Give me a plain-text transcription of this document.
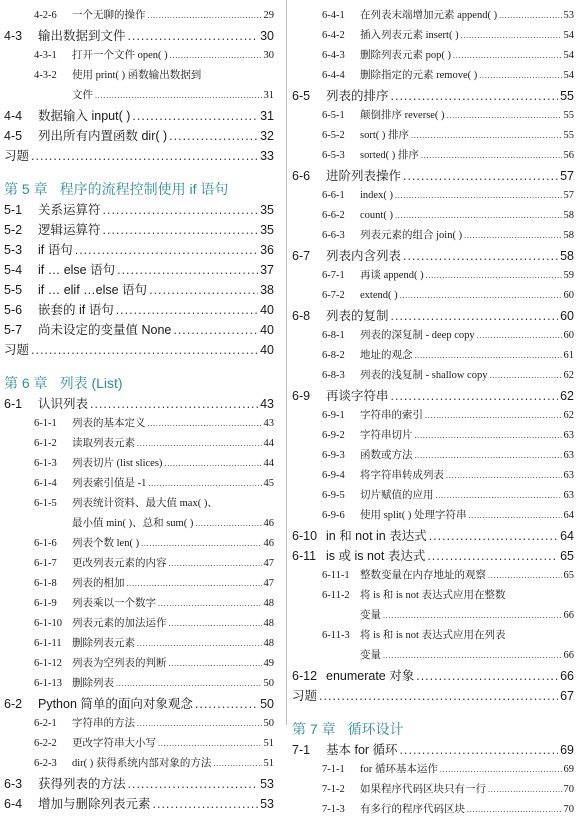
4-2-6	一个无聊的操作 .....	29
4-3	输出数据到文件 .....	30
4-3-1	打开一个文件 open( ) .....	30
4-3-2	使用 print( ) 函数输出数据到
文件 .....	31
4-4	数据输入 input( ) .....	31
4-5	列出所有内置函数 dir( ) .....	32
习题 .....	33
第 5 章 程序的流程控制使用 if 语句
5-1	关系运算符 .....	35
5-2	逻辑运算符 .....	35
5-3	if 语句 .....	36
5-4	if … else 语句 .....	37
5-5	if … elif …else 语句 .....	38
5-6	嵌套的 if 语句 .....	40
5-7	尚未设定的变量值 None .....	40
习题 .....	40
第 6 章 列表 (List)
6-1	认识列表 .....	43
6-1-1	列表的基本定义 .....	43
6-1-2	读取列表元素 .....	44
6-1-3	列表切片 (list slices) .....	44
6-1-4	列表索引值是 -1 .....	45
6-1-5	列表统计资料、最大值 max( )、
最小值 min( )、总和 sum( ) .....	46
6-1-6	列表个数 len( ) .....	46
6-1-7	更改列表元素的内容 .....	47
6-1-8	列表的相加 .....	47
6-1-9	列表乘以一个数字 .....	48
6-1-10 列表元素的加法运作 .....	48
6-1-11 删除列表元素 .....	48
6-1-12 列表为空列表的判断 .....	49
6-1-13 删除列表 .....	50
6-2	Python 简单的面向对象观念 .....	50
6-2-1	字符串的方法 .....	50
6-2-2	更改字符串大小写 .....	51
6-2-3	dir( ) 获得系统内部对象的方法 .....	51
6-3	获得列表的方法 .....	53
6-4	增加与删除列表元素 .....	53
6-4-1	在列表末端增加元素 append( ) .....	53
6-4-2	插入列表元素 insert( ) .....	54
6-4-3	删除列表元素 pop( ) .....	54
6-4-4	删除指定的元素 remove( ) .....	54
6-5	列表的排序 .....	55
6-5-1	颠倒排序 reverse( ) .....	55
6-5-2	sort( ) 排序 .....	55
6-5-3	sorted( ) 排序 .....	56
6-6	进阶列表操作 .....	57
6-6-1	index( ) .....	57
6-6-2	count( ) .....	58
6-6-3	列表元素的组合 join( ) .....	58
6-7	列表内含列表 .....	58
6-7-1	再谈 append( ) .....	59
6-7-2	extend( ) .....	60
6-8	列表的复制 .....	60
6-8-1	列表的深复制 - deep copy .....	60
6-8-2	地址的观念 .....	61
6-8-3	列表的浅复制 - shallow copy .....	62
6-9	再谈字符串 .....	62
6-9-1	字符串的索引 .....	62
6-9-2	字符串切片 .....	63
6-9-3	函数或方法 .....	63
6-9-4	将字符串转成列表 .....	63
6-9-5	切片赋值的应用 .....	63
6-9-6	使用 split( ) 处理字符串 .....	64
6-10 in 和 not in 表达式 .....	64
6-11 is 或 is not 表达式 .....	65
6-11-1 整数变量在内存地址的观察 .....	65
6-11-2 将 is 和 is not 表达式应用在整数
变量 .....	66
6-11-3 将 is 和 is not 表达式应用在列表
变量 .....	66
6-12 enumerate 对象 .....	66
习题 .....	67
第 7 章 循环设计
7-1	基本 for 循环 .....	69
7-1-1	for 循环基本运作 .....	69
7-1-2	如果程序代码区块只有一行 .....	70
7-1-3	有多行的程序代码区块 .....	70
